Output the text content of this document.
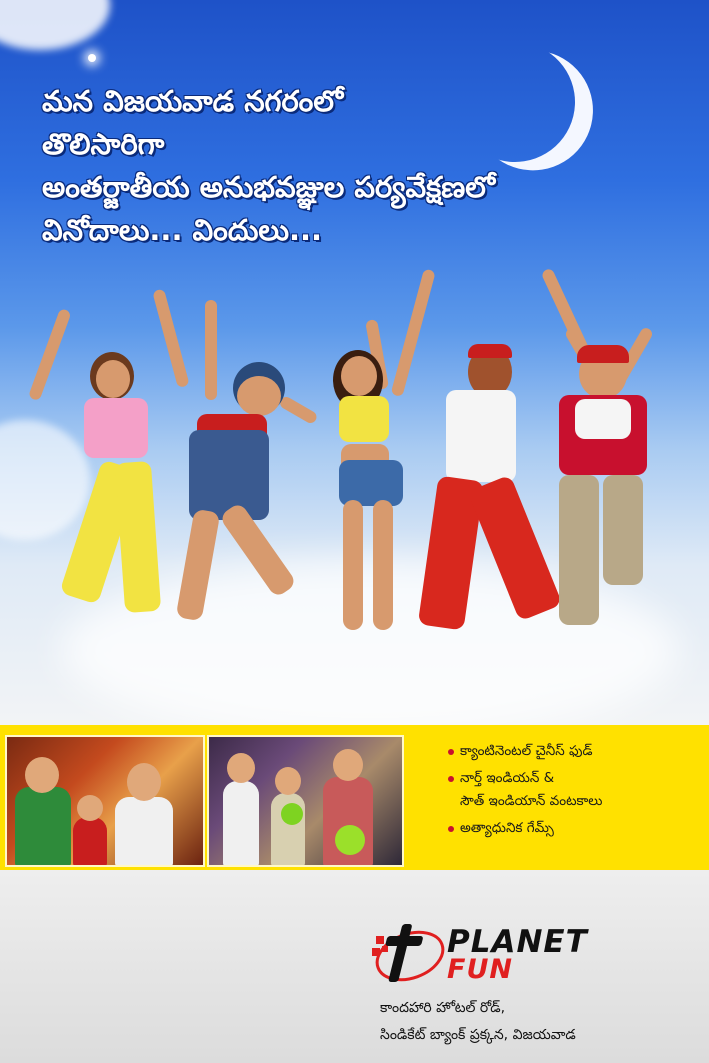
మన విజయవాడ నగరంలో
తొలిసారిగా
అంతర్జాతీయ అనుభవజ్ఞుల పర్యవేక్షణలో
వినోదాలు... విందులు...
క్యాంటినెంటల్ చైనీస్ ఫుడ్
నార్త్ ఇండియన్ &
సౌత్ ఇండియాన్ వంటకాలు
అత్యాధునిక గేమ్స్
PLANET
FUN
కాందహారి హోటల్ రోడ్,
సిండికేట్ బ్యాంక్ ప్రక్కన, విజయవాడ
